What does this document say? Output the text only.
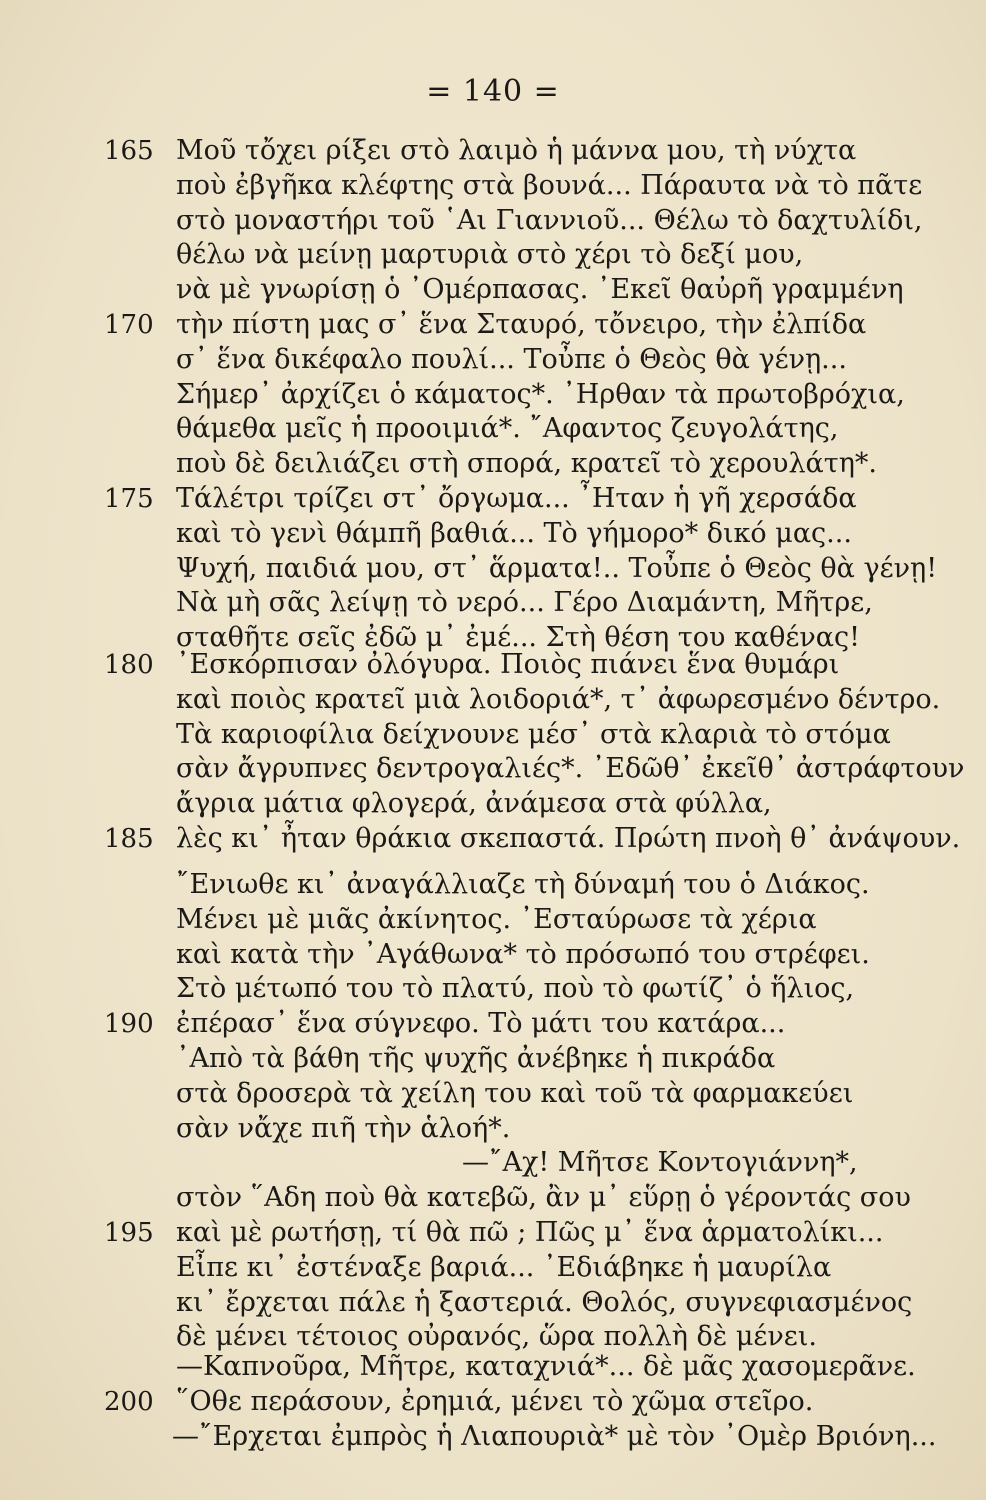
= 140 =
165 Μοῦ τὄχει ρίξει στὸ λαιμὸ ἡ μάννα μου, τὴ νύχτα
ποὺ ἐβγῆκα κλέφτης στὰ βουνά... Πάραυτα νὰ τὸ πᾶτε
στὸ μοναστήρι τοῦ ῾Αι Γιαννιοῦ... Θέλω τὸ δαχτυλίδι,
θέλω νὰ μείνῃ μαρτυριὰ στὸ χέρι τὸ δεξί μου,
νὰ μὲ γνωρίσῃ ὁ ᾿Ομέρπασας. ᾿Εκεῖ θαὐρῆ γραμμένη
170 τὴν πίστη μας σ᾿ ἕνα Σταυρό, τὄνειρο, τὴν ἐλπίδα
σ᾿ ἕνα δικέφαλο πουλί... Τοὖπε ὁ Θεὸς θὰ γένῃ...
Σήμερ᾿ ἀρχίζει ὁ κάματος*. ᾿Ηρθαν τὰ πρωτοβρόχια,
θάμεθα μεῖς ἡ προοιμιά*. ῎Αφαντος ζευγολάτης,
ποὺ δὲ δειλιάζει στὴ σπορά, κρατεῖ τὸ χερουλάτη*.
175 Τάλέτρι τρίζει στ᾿ ὄργωμα... ῏Ηταν ἡ γῆ χερσάδα
καὶ τὸ γενὶ θάμπῆ βαθιά... Τὸ γήμορο* δικό μας...
Ψυχή, παιδιά μου, στ᾿ ἅρματα!.. Τοὖπε ὁ Θεὸς θὰ γένῃ!
Νὰ μὴ σᾶς λείψῃ τὸ νερό... Γέρο Διαμάντη, Μῆτρε,
σταθῆτε σεῖς ἐδῶ μ᾿ ἐμέ... Στὴ θέση του καθένας!
180 ᾿Εσκόρπισαν ὀλόγυρα. Ποιὸς πιάνει ἕνα θυμάρι
καὶ ποιὸς κρατεῖ μιὰ λοιδοριά*, τ᾿ ἀφωρεσμένο δέντρο.
Τὰ καριοφίλια δείχνουνε μέσ᾿ στὰ κλαριὰ τὸ στόμα
σὰν ἄγρυπνες δεντρογαλιές*. ᾿Εδῶθ᾿ ἐκεῖθ᾿ ἀστράφτουν
ἄγρια μάτια φλογερά, ἀνάμεσα στὰ φύλλα,
185 λὲς κι᾿ ἦταν θράκια σκεπαστά. Πρώτη πνοὴ θ᾿ ἀνάψουν.
῎Ενιωθε κι᾿ ἀναγάλλιαζε τὴ δύναμή του ὁ Διάκος.
Μένει μὲ μιᾶς ἀκίνητος. ᾿Εσταύρωσε τὰ χέρια
καὶ κατὰ τὴν ᾿Αγάθωνα* τὸ πρόσωπό του στρέφει.
Στὸ μέτωπό του τὸ πλατύ, ποὺ τὸ φωτίζ᾿ ὁ ἥλιος,
190 ἐπέρασ᾿ ἕνα σύγνεφο. Τὸ μάτι του κατάρα...
᾿Απὸ τὰ βάθη τῆς ψυχῆς ἀνέβηκε ἡ πικράδα
στὰ δροσερὰ τὰ χείλη του καὶ τοῦ τὰ φαρμακεύει
σὰν νἄχε πιῆ τὴν ἁλοή*.
—῎Αχ! Μῆτσε Κοντογιάννη*,
στὸν ῞Αδη ποὺ θὰ κατεβῶ, ἂν μ᾿ εὕρῃ ὁ γέροντάς σου
195 καὶ μὲ ρωτήσῃ, τί θὰ πῶ ; Πῶς μ᾿ ἕνα ἁρματολίκι...
Εἶπε κι᾿ ἐστέναξε βαριά... ᾿Εδιάβηκε ἡ μαυρίλα
κι᾿ ἔρχεται πάλε ἡ ξαστεριά. Θολός, συγνεφιασμένος
δὲ μένει τέτοιος οὐρανός, ὥρα πολλὴ δὲ μένει.
—Καπνοῦρα, Μῆτρε, καταχνιά*... δὲ μᾶς χασομερᾶνε.
200 ῞Οθε περάσουν, ἐρημιά, μένει τὸ χῶμα στεῖρο.
—῎Ερχεται ἐμπρὸς ἡ Λιαπουριὰ* μὲ τὸν ᾿Ομὲρ Βριόνη...
